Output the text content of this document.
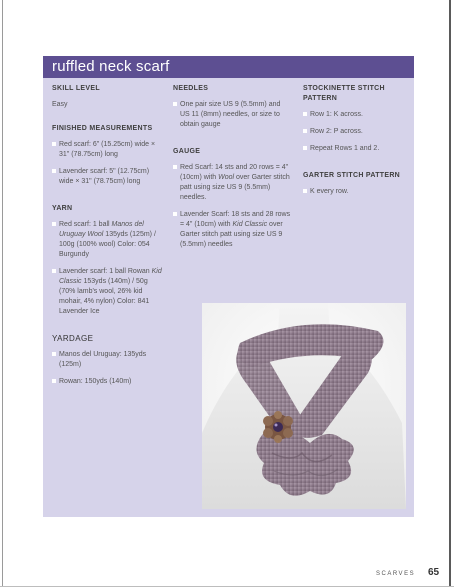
ruffled neck scarf
SKILL LEVEL
Easy
FINISHED MEASUREMENTS
Red scarf: 6" (15.25cm) wide × 31" (78.75cm) long
Lavender scarf: 5" (12.75cm) wide × 31" (78.75cm) long
YARN
Red scarf: 1 ball Manos del Uruguay Wool 135yds (125m) / 100g (100% wool) Color: 054 Burgundy
Lavender scarf: 1 ball Rowan Kid Classic 153yds (140m) / 50g (70% lamb's wool, 26% kid mohair, 4% nylon) Color: 841 Lavender Ice
YARDAGE
Manos del Uruguay: 135yds (125m)
Rowan: 150yds (140m)
NEEDLES
One pair size US 9 (5.5mm) and US 11 (8mm) needles, or size to obtain gauge
GAUGE
Red Scarf: 14 sts and 20 rows = 4" (10cm) with Wool over Garter stitch patt using size US 9 (5.5mm) needles.
Lavender Scarf: 18 sts and 28 rows = 4" (10cm) with Kid Classic over Garter stitch patt using size US 9 (5.5mm) needles
STOCKINETTE STITCH PATTERN
Row 1: K across.
Row 2: P across.
Repeat Rows 1 and 2.
GARTER STITCH PATTERN
K every row.
SCARVES 65
